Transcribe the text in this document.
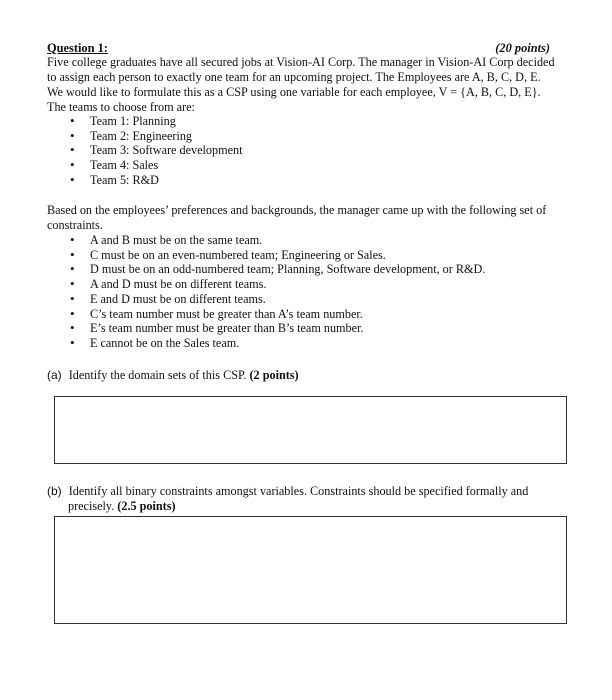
Question 1:	(20 points)

Five college graduates have all secured jobs at Vision-AI Corp. The manager in Vision-AI Corp decided to assign each person to exactly one team for an upcoming project. The Employees are A, B, C, D, E. We would like to formulate this as a CSP using one variable for each employee, V = {A, B, C, D, E}. The teams to choose from are:

• Team 1: Planning
• Team 2: Engineering
• Team 3: Software development
• Team 4: Sales
• Team 5: R&D

Based on the employees’ preferences and backgrounds, the manager came up with the following set of constraints.

• A and B must be on the same team.
• C must be on an even-numbered team; Engineering or Sales.
• D must be on an odd-numbered team; Planning, Software development, or R&D.
• A and D must be on different teams.
• E and D must be on different teams.
• C’s team number must be greater than A’s team number.
• E’s team number must be greater than B’s team number.
• E cannot be on the Sales team.
(a) Identify the domain sets of this CSP. (2 points)
(b) Identify all binary constraints amongst variables. Constraints should be specified formally and
precisely. (2.5 points)
